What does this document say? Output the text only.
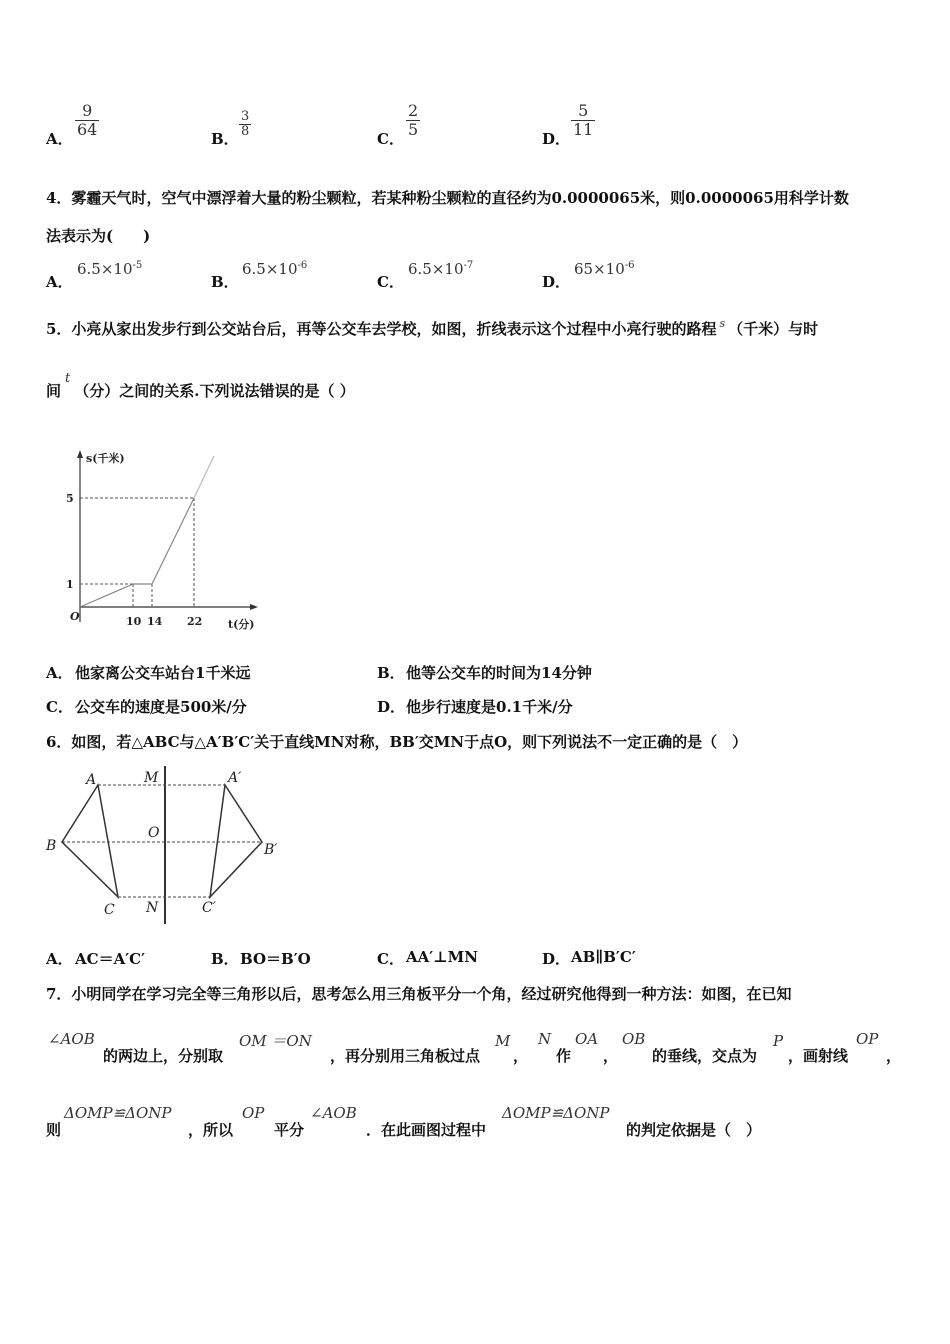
A． $\frac{9}{64}$	B． $\frac{3}{8}$	C． $\frac{2}{5}$	D． $\frac{5}{11}$
4．雾霾天气时，空气中漂浮着大量的粉尘颗粒，若某种粉尘颗粒的直径约为0.0000065米，则0.0000065用科学计数
法表示为(　　)
A．
$6.5\times 10^{-5}$
B．
$6.5\times 10^{-6}$
C．
$6.5\times 10^{-7}$
D．
$65\times 10^{-6}$
5．小亮从家出发步行到公交站台后，再等公交车去学校，如图，折线表示这个过程中小亮行驶的路程 $^s$ （千米）与时
间t（分）之间的关系.下列说法错误的是（ ）
s(千米)
t(分)
O
1
5
10 14 22
A． 他家离公交车站台1千米远	B． 他等公交车的时间为14分钟
C． 公交车的速度是500米/分	D． 他步行速度是0.1千米/分
6．如图，若△ABC与△A′B′C′关于直线MN对称，BB′交MN于点O，则下列说法不一定正确的是（　）
A
B
C
M
O
N
A′
B′
C′
A． AC＝A′C′	B． BO＝B′O	C． AA′⊥MN	D． AB∥B′C′
7．小明同学在学习完全等三角形以后，思考怎么用三角板平分一个角，经过研究他得到一种方法：如图，在已知
∠AOB
的两边上，分别取
OM ＝ON
，再分别用三角板过点
M
，
N
作
OA
，
OB
的垂线，交点为
P
，画射线
OP
，
则
ΔOMP≌ΔONP
，所以
OP
平分
∠AOB
．在此画图过程中
ΔOMP≌ΔONP
的判定依据是（　）
